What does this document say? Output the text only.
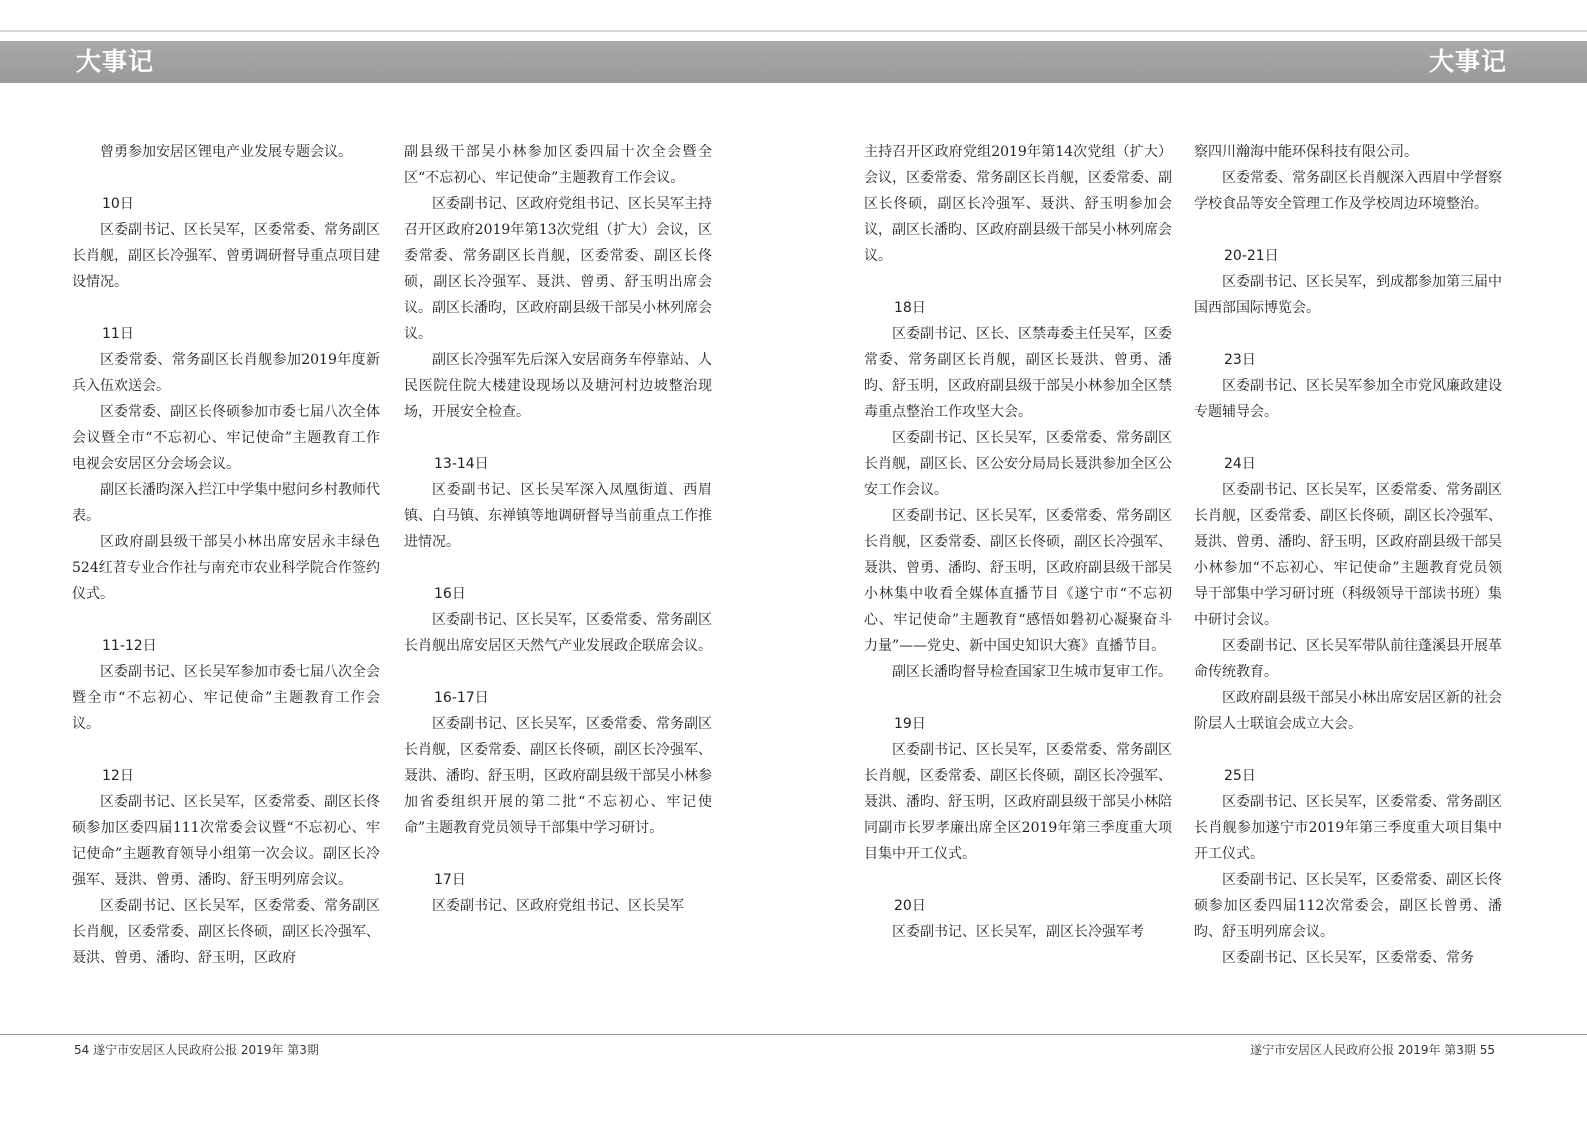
大事记	大事记

曾勇参加安居区锂电产业发展专题会议。

10日

区委副书记、区长吴军，区委常委、常务副区长肖舰，副区长冷强军、曾勇调研督导重点项目建设情况。

11日

区委常委、常务副区长肖舰参加2019年度新兵入伍欢送会。

区委常委、副区长佟硕参加市委七届八次全体会议暨全市“不忘初心、牢记使命”主题教育工作电视会安居区分会场会议。

副区长潘昀深入拦江中学集中慰问乡村教师代表。

区政府副县级干部吴小林出席安居永丰绿色524红苕专业合作社与南充市农业科学院合作签约仪式。

11-12日

区委副书记、区长吴军参加市委七届八次全会暨全市“不忘初心、牢记使命”主题教育工作会议。

12日

区委副书记、区长吴军，区委常委、副区长佟硕参加区委四届111次常委会议暨“不忘初心、牢记使命”主题教育领导小组第一次会议。副区长冷强军、聂洪、曾勇、潘昀、舒玉明列席会议。

区委副书记、区长吴军，区委常委、常务副区长肖舰，区委常委、副区长佟硕，副区长冷强军、聂洪、曾勇、潘昀、舒玉明，区政府

副县级干部吴小林参加区委四届十次全会暨全区“不忘初心、牢记使命”主题教育工作会议。

区委副书记、区政府党组书记、区长吴军主持召开区政府2019年第13次党组（扩大）会议，区委常委、常务副区长肖舰，区委常委、副区长佟硕，副区长冷强军、聂洪、曾勇、舒玉明出席会议。副区长潘昀，区政府副县级干部吴小林列席会议。

副区长冷强军先后深入安居商务车停靠站、人民医院住院大楼建设现场以及塘河村边坡整治现场，开展安全检查。

13-14日

区委副书记、区长吴军深入凤凰街道、西眉镇、白马镇、东禅镇等地调研督导当前重点工作推进情况。

16日

区委副书记、区长吴军，区委常委、常务副区长肖舰出席安居区天然气产业发展政企联席会议。

16-17日

区委副书记、区长吴军，区委常委、常务副区长肖舰，区委常委、副区长佟硕，副区长冷强军、聂洪、潘昀、舒玉明，区政府副县级干部吴小林参加省委组织开展的第二批“不忘初心、牢记使命”主题教育党员领导干部集中学习研讨。

17日

区委副书记、区政府党组书记、区长吴军

主持召开区政府党组2019年第14次党组（扩大）会议，区委常委、常务副区长肖舰，区委常委、副区长佟硕，副区长冷强军、聂洪、舒玉明参加会议，副区长潘昀、区政府副县级干部吴小林列席会议。

18日

区委副书记、区长、区禁毒委主任吴军，区委常委、常务副区长肖舰，副区长聂洪、曾勇、潘昀、舒玉明，区政府副县级干部吴小林参加全区禁毒重点整治工作攻坚大会。

区委副书记、区长吴军，区委常委、常务副区长肖舰，副区长、区公安分局局长聂洪参加全区公安工作会议。

区委副书记、区长吴军，区委常委、常务副区长肖舰，区委常委、副区长佟硕，副区长冷强军、聂洪、曾勇、潘昀、舒玉明，区政府副县级干部吴小林集中收看全媒体直播节目《遂宁市“不忘初心、牢记使命”主题教育“感悟如磐初心凝聚奋斗力量”——党史、新中国史知识大赛》直播节目。

副区长潘昀督导检查国家卫生城市复审工作。

19日

区委副书记、区长吴军，区委常委、常务副区长肖舰，区委常委、副区长佟硕，副区长冷强军、聂洪、潘昀、舒玉明，区政府副县级干部吴小林陪同副市长罗孝廉出席全区2019年第三季度重大项目集中开工仪式。

20日

区委副书记、区长吴军，副区长冷强军考

察四川瀚海中能环保科技有限公司。

区委常委、常务副区长肖舰深入西眉中学督察学校食品等安全管理工作及学校周边环境整治。

20-21日

区委副书记、区长吴军，到成都参加第三届中国西部国际博览会。

23日

区委副书记、区长吴军参加全市党风廉政建设专题辅导会。

24日

区委副书记、区长吴军，区委常委、常务副区长肖舰，区委常委、副区长佟硕，副区长冷强军、聂洪、曾勇、潘昀、舒玉明，区政府副县级干部吴小林参加“不忘初心、牢记使命”主题教育党员领导干部集中学习研讨班（科级领导干部读书班）集中研讨会议。

区委副书记、区长吴军带队前往蓬溪县开展革命传统教育。

区政府副县级干部吴小林出席安居区新的社会阶层人士联谊会成立大会。

25日

区委副书记、区长吴军，区委常委、常务副区长肖舰参加遂宁市2019年第三季度重大项目集中开工仪式。

区委副书记、区长吴军，区委常委、副区长佟硕参加区委四届112次常委会，副区长曾勇、潘昀、舒玉明列席会议。

区委副书记、区长吴军，区委常委、常务

54 遂宁市安居区人民政府公报 2019年 第3期	遂宁市安居区人民政府公报 2019年 第3期 55
